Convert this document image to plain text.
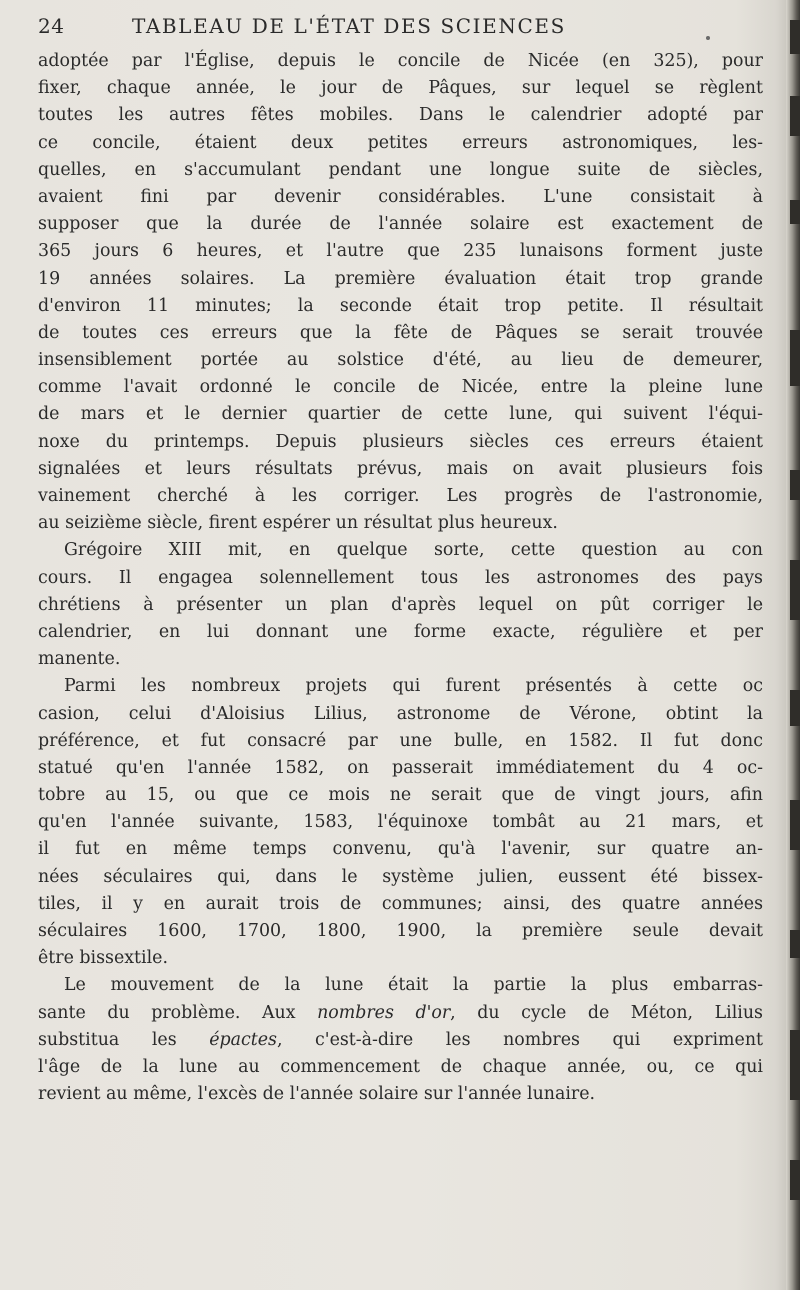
24	TABLEAU DE L'ÉTAT DES SCIENCES
adoptée par l'Église, depuis le concile de Nicée (en 325), pour
fixer, chaque année, le jour de Pâques, sur lequel se règlent
toutes les autres fêtes mobiles. Dans le calendrier adopté par
ce concile, étaient deux petites erreurs astronomiques, les-
quelles, en s'accumulant pendant une longue suite de siècles,
avaient fini par devenir considérables. L'une consistait à
supposer que la durée de l'année solaire est exactement de
365 jours 6 heures, et l'autre que 235 lunaisons forment juste
19 années solaires. La première évaluation était trop grande
d'environ 11 minutes; la seconde était trop petite. Il résultait
de toutes ces erreurs que la fête de Pâques se serait trouvée
insensiblement portée au solstice d'été, au lieu de demeurer,
comme l'avait ordonné le concile de Nicée, entre la pleine lune
de mars et le dernier quartier de cette lune, qui suivent l'équi-
noxe du printemps. Depuis plusieurs siècles ces erreurs étaient
signalées et leurs résultats prévus, mais on avait plusieurs fois
vainement cherché à les corriger. Les progrès de l'astronomie,
au seizième siècle, firent espérer un résultat plus heureux.
Grégoire XIII mit, en quelque sorte, cette question au con
cours. Il engagea solennellement tous les astronomes des pays
chrétiens à présenter un plan d'après lequel on pût corriger le
calendrier, en lui donnant une forme exacte, régulière et per
manente.
Parmi les nombreux projets qui furent présentés à cette oc
casion, celui d'Aloisius Lilius, astronome de Vérone, obtint la
préférence, et fut consacré par une bulle, en 1582. Il fut donc
statué qu'en l'année 1582, on passerait immédiatement du 4 oc-
tobre au 15, ou que ce mois ne serait que de vingt jours, afin
qu'en l'année suivante, 1583, l'équinoxe tombât au 21 mars, et
il fut en même temps convenu, qu'à l'avenir, sur quatre an-
nées séculaires qui, dans le système julien, eussent été bissex-
tiles, il y en aurait trois de communes; ainsi, des quatre années
séculaires 1600, 1700, 1800, 1900, la première seule devait
être bissextile.
Le mouvement de la lune était la partie la plus embarras-
sante du problème. Aux nombres d'or, du cycle de Méton, Lilius
substitua les épactes, c'est-à-dire les nombres qui expriment
l'âge de la lune au commencement de chaque année, ou, ce qui
revient au même, l'excès de l'année solaire sur l'année lunaire.
